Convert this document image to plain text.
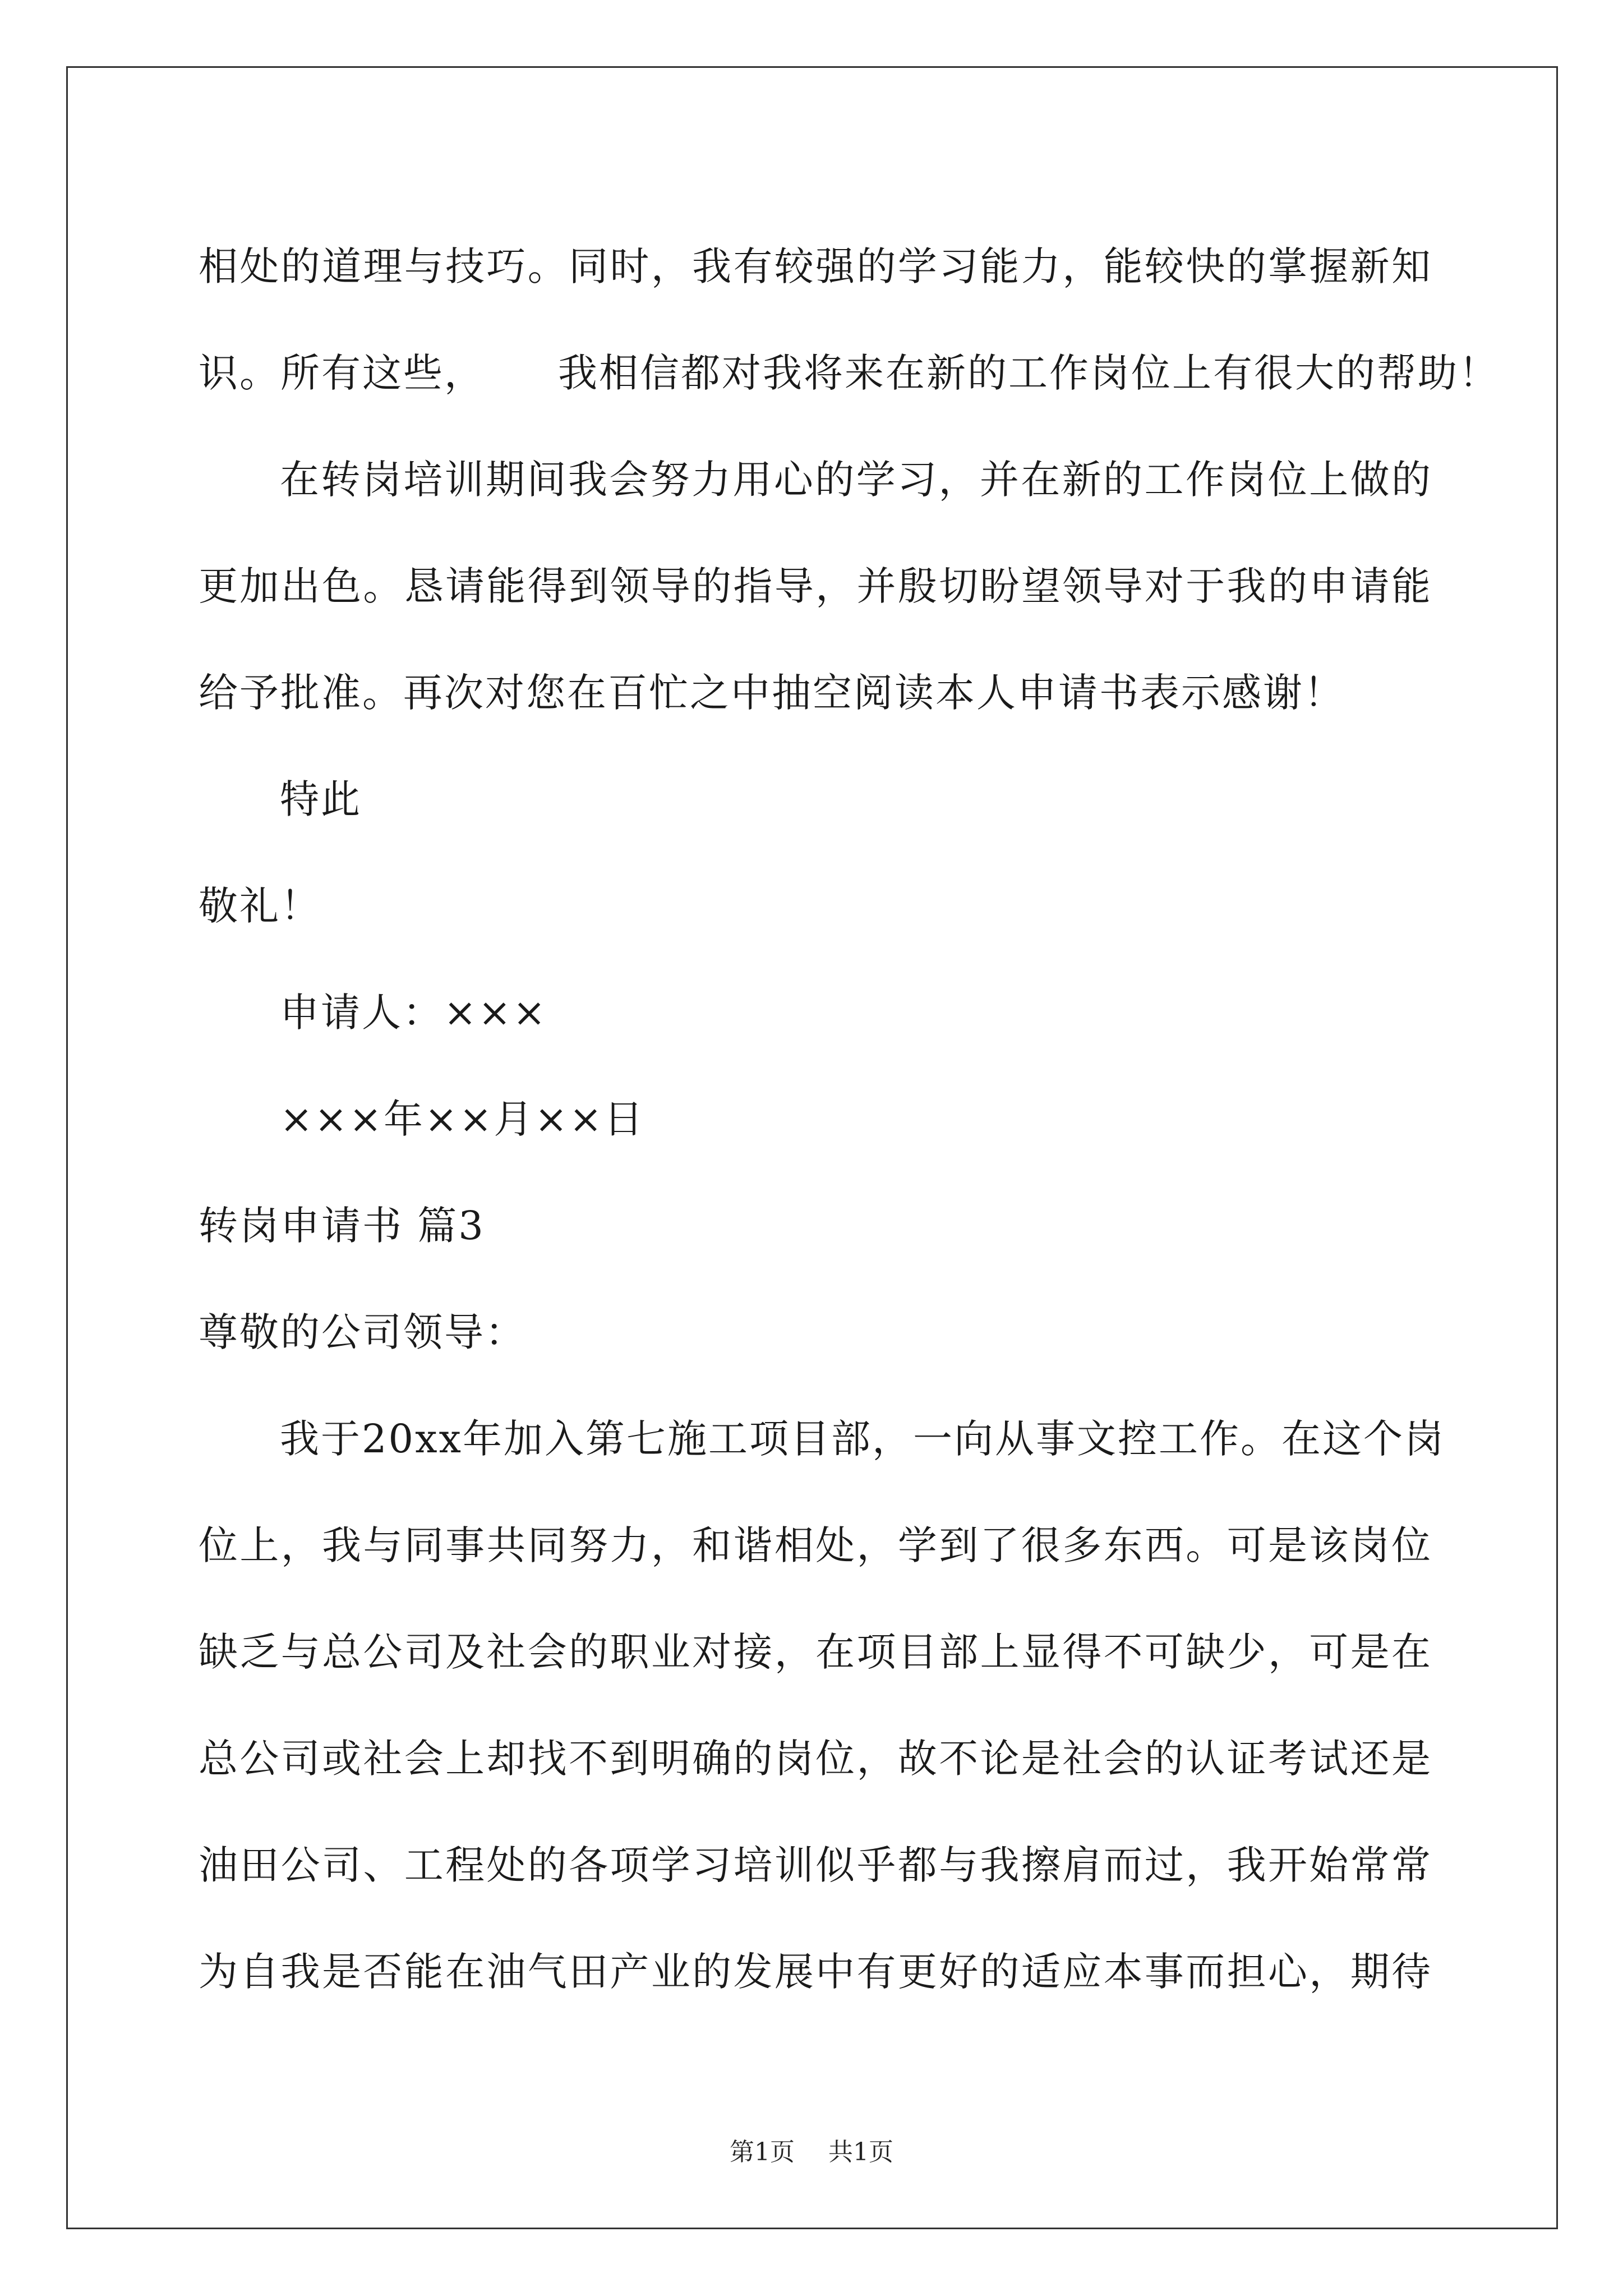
相处的道理与技巧。同时，我有较强的学习能力，能较快的掌握新知
识。所有这些， 我相信都对我将来在新的工作岗位上有很大的帮助！
在转岗培训期间我会努力用心的学习，并在新的工作岗位上做的
更加出色。恳请能得到领导的指导，并殷切盼望领导对于我的申请能
给予批准。再次对您在百忙之中抽空阅读本人申请书表示感谢！
特此
敬礼！
申请人：×××
×××年××月××日
转岗申请书 篇3
尊敬的公司领导：
我于20xx年加入第七施工项目部，一向从事文控工作。在这个岗
位上，我与同事共同努力，和谐相处，学到了很多东西。可是该岗位
缺乏与总公司及社会的职业对接，在项目部上显得不可缺少，可是在
总公司或社会上却找不到明确的岗位，故不论是社会的认证考试还是
油田公司、工程处的各项学习培训似乎都与我擦肩而过，我开始常常
为自我是否能在油气田产业的发展中有更好的适应本事而担心，期待
第1页 共1页
